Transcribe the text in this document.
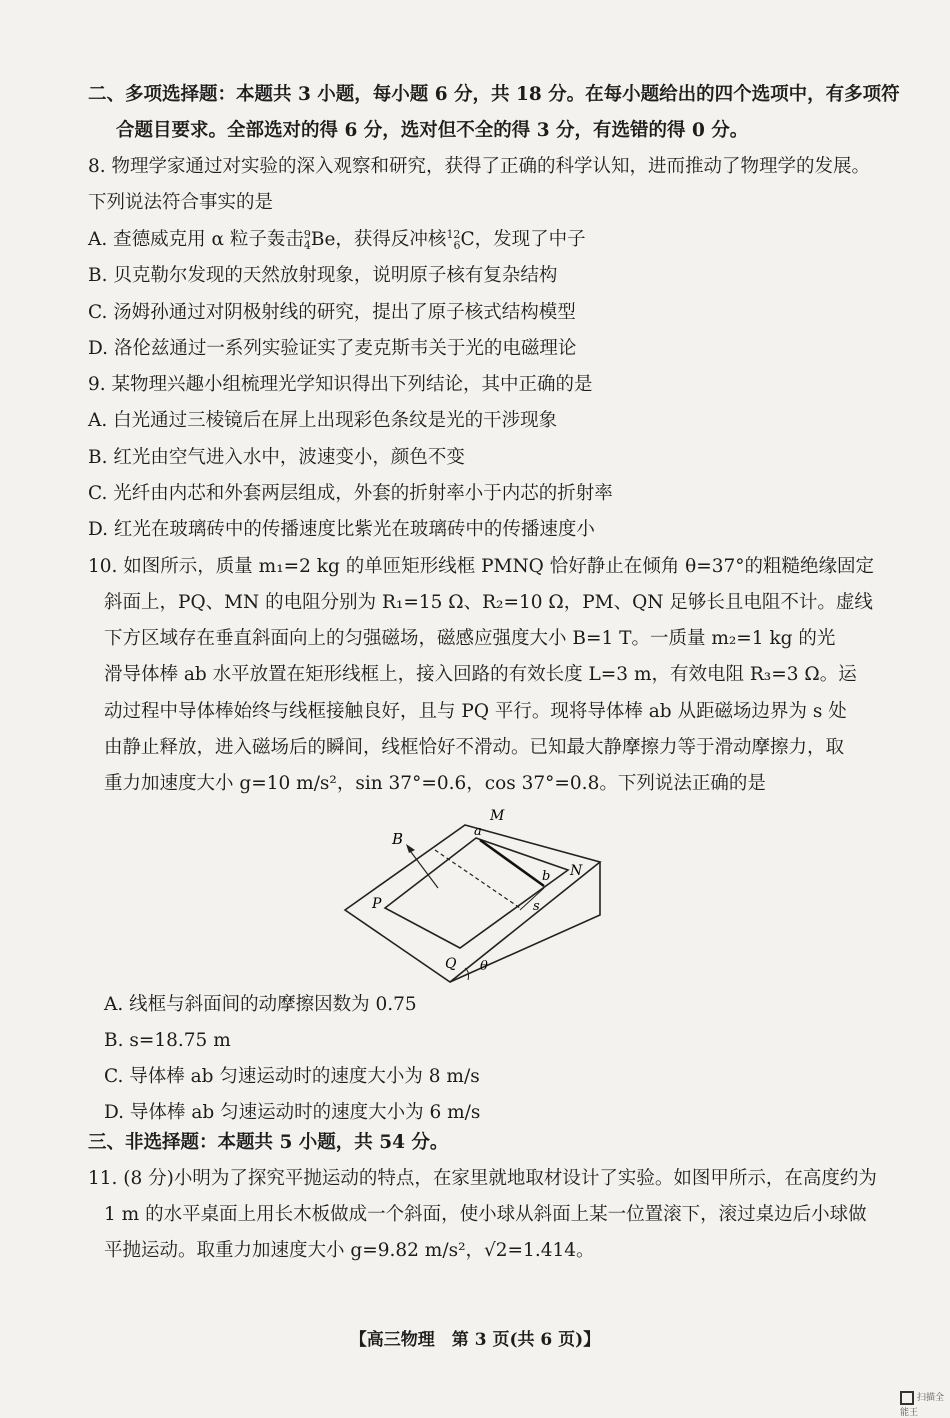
二、多项选择题：本题共 3 小题，每小题 6 分，共 18 分。在每小题给出的四个选项中，有多项符
合题目要求。全部选对的得 6 分，选对但不全的得 3 分，有选错的得 0 分。
8. 物理学家通过对实验的深入观察和研究，获得了正确的科学认知，进而推动了物理学的发展。
下列说法符合事实的是
A. 查德威克用 α 粒子轰击9
4Be，获得反冲核12
6C，发现了中子
B. 贝克勒尔发现的天然放射现象，说明原子核有复杂结构
C. 汤姆孙通过对阴极射线的研究，提出了原子核式结构模型
D. 洛伦兹通过一系列实验证实了麦克斯韦关于光的电磁理论
9. 某物理兴趣小组梳理光学知识得出下列结论，其中正确的是
A. 白光通过三棱镜后在屏上出现彩色条纹是光的干涉现象
B. 红光由空气进入水中，波速变小，颜色不变
C. 光纤由内芯和外套两层组成，外套的折射率小于内芯的折射率
D. 红光在玻璃砖中的传播速度比紫光在玻璃砖中的传播速度小
10. 如图所示，质量 m₁=2 kg 的单匝矩形线框 PMNQ 恰好静止在倾角 θ=37°的粗糙绝缘固定
斜面上，PQ、MN 的电阻分别为 R₁=15 Ω、R₂=10 Ω，PM、QN 足够长且电阻不计。虚线
下方区域存在垂直斜面向上的匀强磁场，磁感应强度大小 B=1 T。一质量 m₂=1 kg 的光
滑导体棒 ab 水平放置在矩形线框上，接入回路的有效长度 L=3 m，有效电阻 R₃=3 Ω。运
动过程中导体棒始终与线框接触良好，且与 PQ 平行。现将导体棒 ab 从距磁场边界为 s 处
由静止释放，进入磁场后的瞬间，线框恰好不滑动。已知最大静摩擦力等于滑动摩擦力，取
重力加速度大小 g=10 m/s²，sin 37°=0.6，cos 37°=0.8。下列说法正确的是
B
M
a
N
b
P	s
Q θ
A. 线框与斜面间的动摩擦因数为 0.75
B. s=18.75 m
C. 导体棒 ab 匀速运动时的速度大小为 8 m/s
D. 导体棒 ab 匀速运动时的速度大小为 6 m/s
三、非选择题：本题共 5 小题，共 54 分。
11. (8 分)小明为了探究平抛运动的特点，在家里就地取材设计了实验。如图甲所示，在高度约为
1 m 的水平桌面上用长木板做成一个斜面，使小球从斜面上某一位置滚下，滚过桌边后小球做
平抛运动。取重力加速度大小 g=9.82 m/s²，√2=1.414。
【高三物理　第 3 页(共 6 页)】
扫描全能王
